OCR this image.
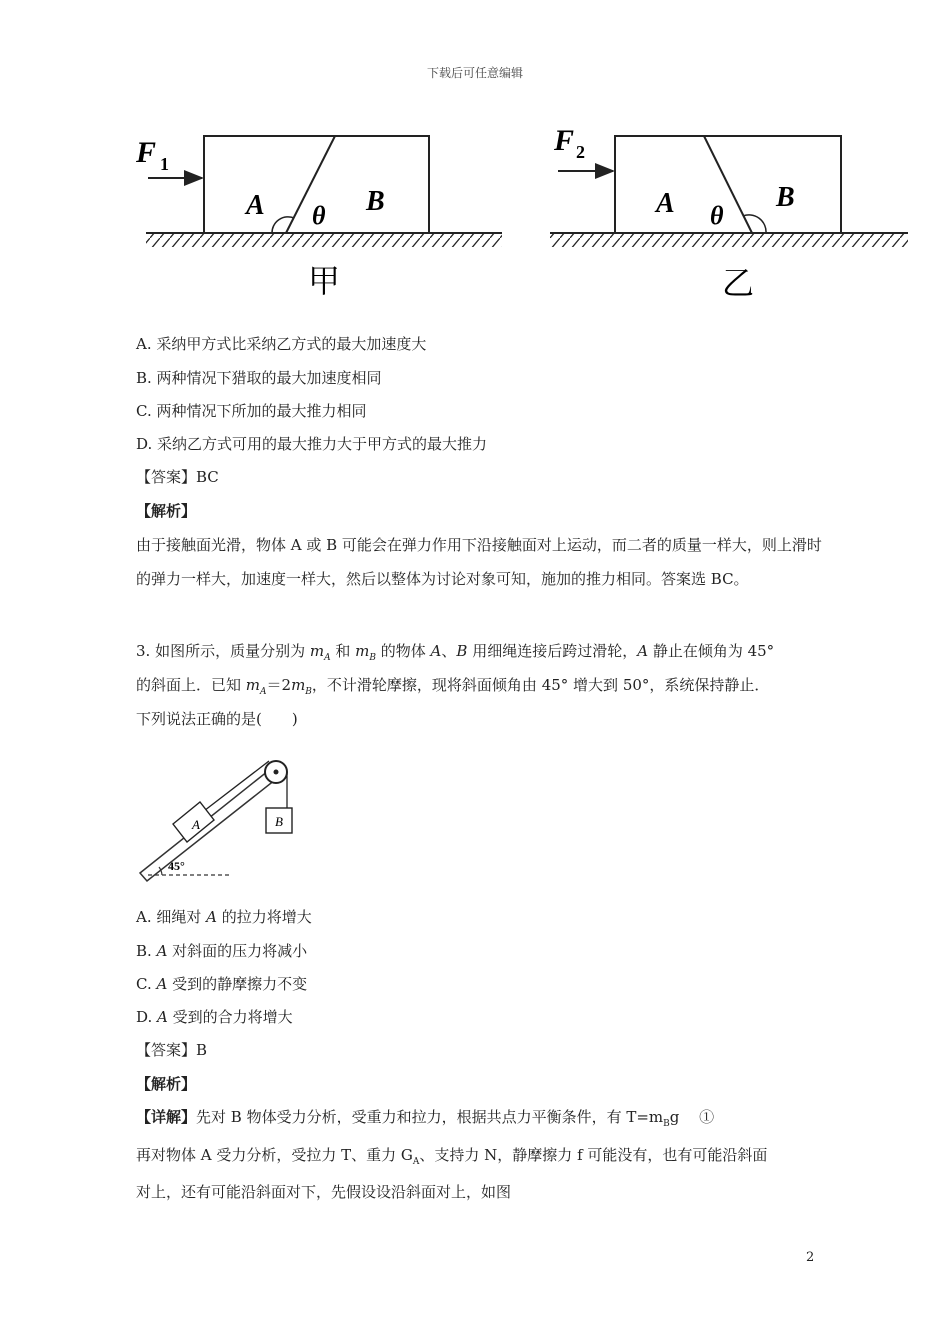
下载后可任意编辑
F 1
A θ B
甲
F 2
A θ
B
乙
A. 采纳甲方式比采纳乙方式的最大加速度大
B. 两种情况下猎取的最大加速度相同
C. 两种情况下所加的最大推力相同
D. 采纳乙方式可用的最大推力大于甲方式的最大推力
【答案】BC
【解析】
由于接触面光滑，物体 A 或 B 可能会在弹力作用下沿接触面对上运动，而二者的质量一样大，则上滑时的弹力一样大，加速度一样大，然后以整体为讨论对象可知，施加的推力相同。答案选 BC。
3. 如图所示，质量分别为 $m_A$ 和 $m_B$ 的物体 A、B 用细绳连接后跨过滑轮，A 静止在倾角为 45°
的斜面上．已知 $m_A=2m_B$，不计滑轮摩擦，现将斜面倾角由 45° 增大到 50°，系统保持静止．
下列说法正确的是(　　)
A	B
45°
A. 细绳对 A 的拉力将增大
B. A 对斜面的压力将减小
C. A 受到的静摩擦力不变
D. A 受到的合力将增大
【答案】B
【解析】
【详解】先对 B 物体受力分析，受重力和拉力，根据共点力平衡条件，有 $T=m_Bg$　 ①
再对物体 A 受力分析，受拉力 T、重力 $G_A$、支持力 N，静摩擦力 f 可能没有，也有可能沿斜面
对上，还有可能沿斜面对下，先假设设沿斜面对上，如图
2
